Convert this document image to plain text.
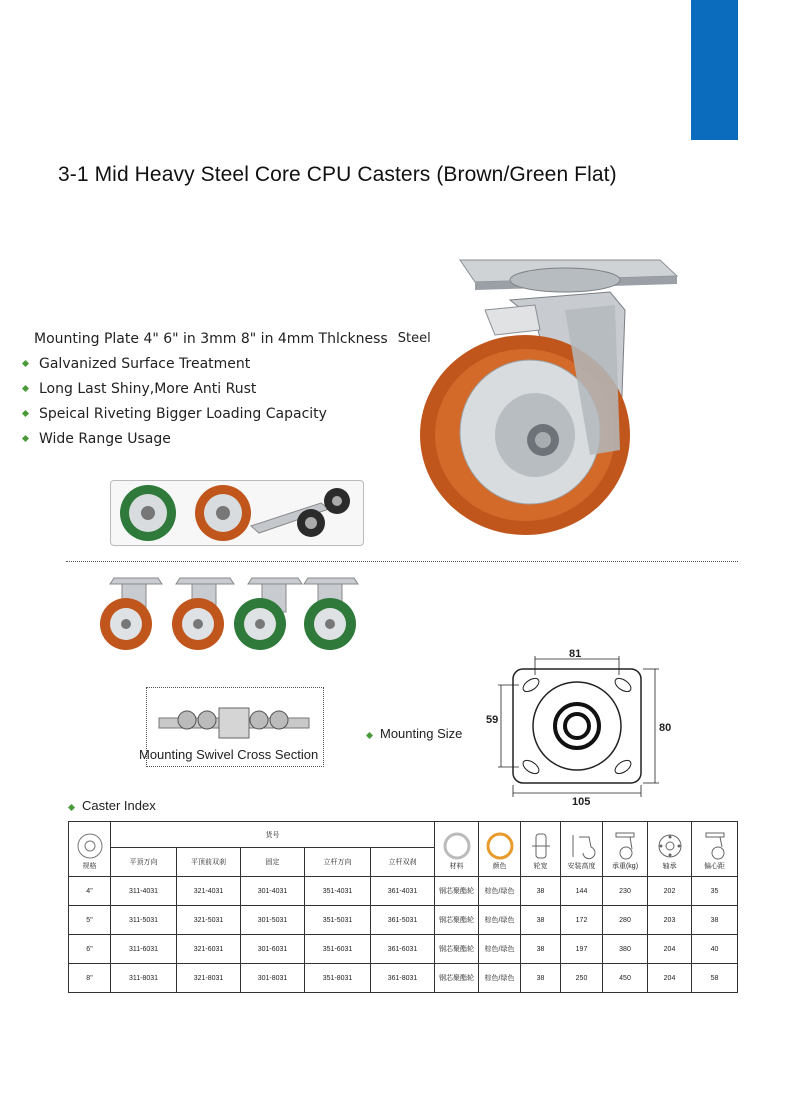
3-1 Mid Heavy Steel Core CPU Casters (Brown/Green Flat)
Mounting Plate 4" 6" in 3mm 8" in 4mm Thlckness Steel
Galvanized Surface Treatment
Long Last Shiny ,More Anti Rust
Speical Riveting Bigger Loading Capacity
Wide Range Usage
Mounting Swivel Cross Section
Mounting Size
81
59
80
105
Caster Index
规格	货号					材料	颜色	轮宽	安装高度	承重(kg)	轴承	偏心距

	平顶万向	平顶前双刹	固定	立杆万向	立杆双刹							
4"	311-4031	321-4031	301-4031	351-4031	361-4031	钢芯聚酯轮	棕色/绿色	38	144	230	202	35
5"	311-5031	321-5031	301-5031	351-5031	361-5031	钢芯聚酯轮	棕色/绿色	38	172	280	203	38
6"	311-6031	321-6031	301-6031	351-6031	361-6031	钢芯聚酯轮	棕色/绿色	38	197	380	204	40
8"	311-8031	321-8031	301-8031	351-8031	361-8031	钢芯聚酯轮	棕色/绿色	38	250	450	204	58
